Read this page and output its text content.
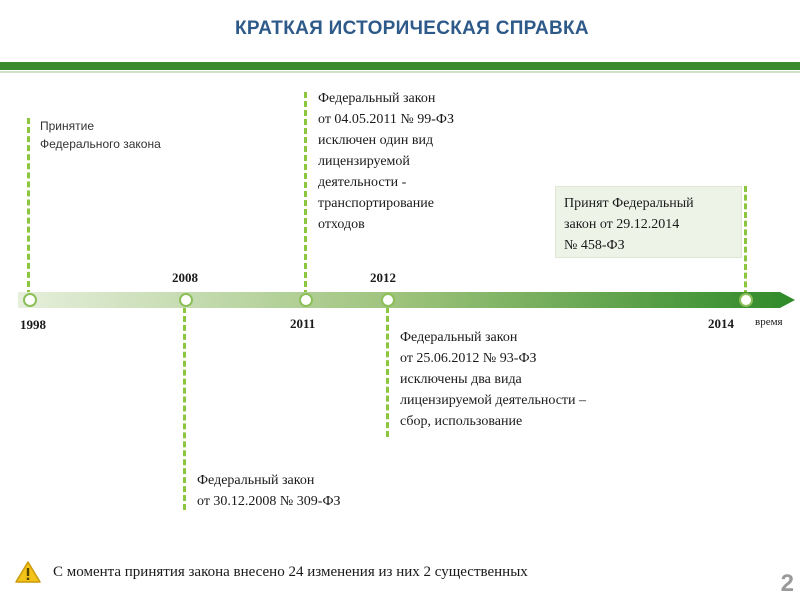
КРАТКАЯ ИСТОРИЧЕСКАЯ СПРАВКА
1998
2008
2011
2012
2014 время
Принятие
Федерального закона
Федеральный закон
от 04.05.2011 № 99-ФЗ
исключен один вид
лицензируемой
деятельности -
транспортирование
отходов
Принят Федеральный
закон от 29.12.2014
№ 458-ФЗ
Федеральный закон
от 25.06.2012 № 93-ФЗ
исключены два вида
лицензируемой деятельности –
сбор, использование
Федеральный закон
от 30.12.2008 № 309-ФЗ
С момента принятия закона внесено 24 изменения из них 2 существенных	2
